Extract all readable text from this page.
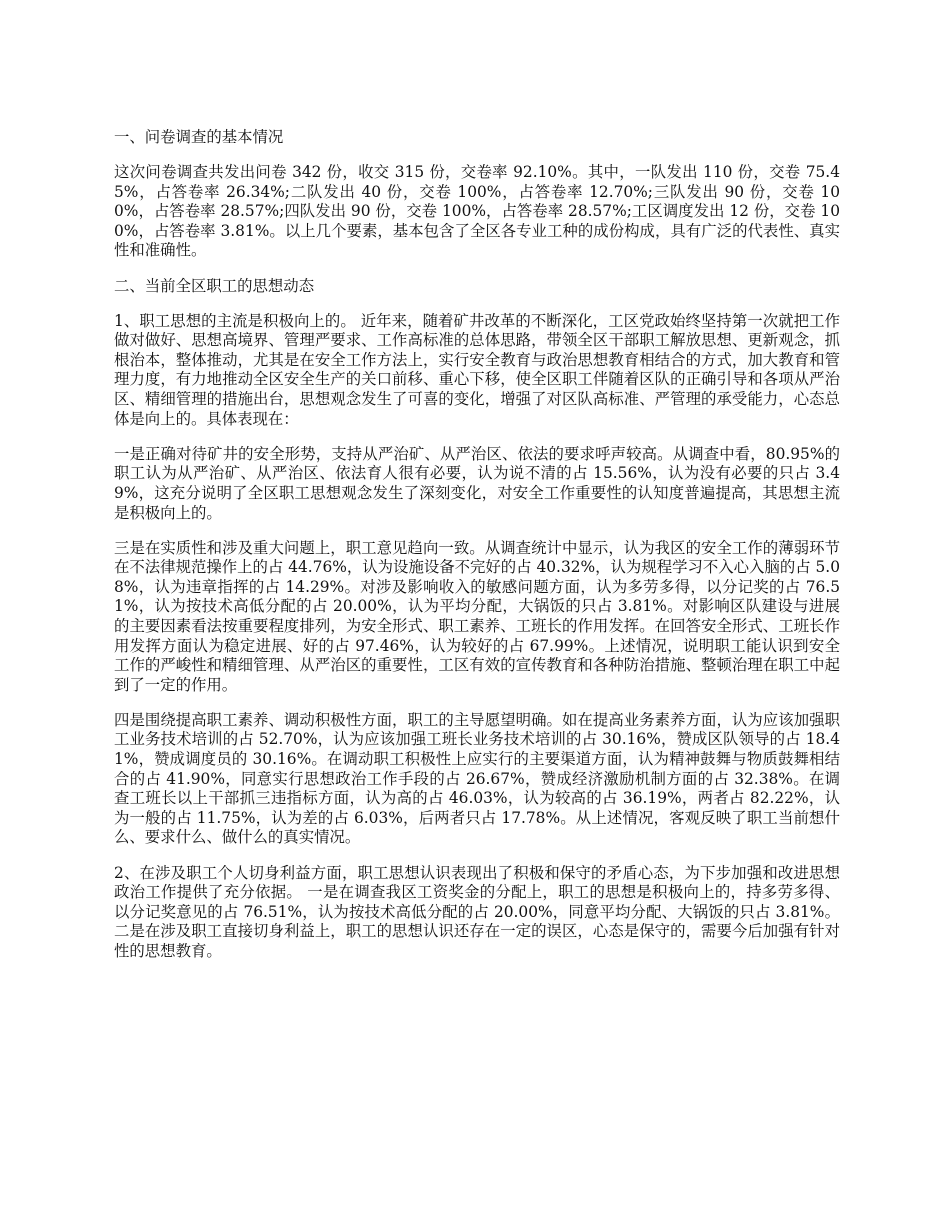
一、问卷调查的基本情况

这次问卷调查共发出问卷 342 份，收交 315 份，交卷率 92.10%。其中，一队发出 110 份，交卷 75.45%，占答卷率 26.34%;二队发出 40 份，交卷 100%，占答卷率 12.70%;三队发出 90 份，交卷 100%，占答卷率 28.57%;四队发出 90 份，交卷 100%，占答卷率 28.57%;工区调度发出 12 份，交卷 100%，占答卷率 3.81%。以上几个要素，基本包含了全区各专业工种的成份构成，具有广泛的代表性、真实性和准确性。

二、当前全区职工的思想动态

1、职工思想的主流是积极向上的。 近年来，随着矿井改革的不断深化，工区党政始终坚持第一次就把工作做对做好、思想高境界、管理严要求、工作高标准的总体思路，带领全区干部职工解放思想、更新观念，抓根治本，整体推动，尤其是在安全工作方法上，实行安全教育与政治思想教育相结合的方式，加大教育和管理力度，有力地推动全区安全生产的关口前移、重心下移，使全区职工伴随着区队的正确引导和各项从严治区、精细管理的措施出台，思想观念发生了可喜的变化，增强了对区队高标准、严管理的承受能力，心态总体是向上的。具体表现在：

一是正确对待矿井的安全形势，支持从严治矿、从严治区、依法的要求呼声较高。从调查中看，80.95%的职工认为从严治矿、从严治区、依法育人很有必要，认为说不清的占 15.56%，认为没有必要的只占 3.49%，这充分说明了全区职工思想观念发生了深刻变化，对安全工作重要性的认知度普遍提高，其思想主流是积极向上的。

三是在实质性和涉及重大问题上，职工意见趋向一致。从调查统计中显示，认为我区的安全工作的薄弱环节在不法律规范操作上的占 44.76%，认为设施设备不完好的占 40.32%，认为规程学习不入心入脑的占 5.08%，认为违章指挥的占 14.29%。对涉及影响收入的敏感问题方面，认为多劳多得，以分记奖的占 76.51%，认为按技术高低分配的占 20.00%，认为平均分配，大锅饭的只占 3.81%。对影响区队建设与进展的主要因素看法按重要程度排列，为安全形式、职工素养、工班长的作用发挥。在回答安全形式、工班长作用发挥方面认为稳定进展、好的占 97.46%，认为较好的占 67.99%。上述情况，说明职工能认识到安全工作的严峻性和精细管理、从严治区的重要性，工区有效的宣传教育和各种防治措施、整顿治理在职工中起到了一定的作用。

四是围绕提高职工素养、调动积极性方面，职工的主导愿望明确。如在提高业务素养方面，认为应该加强职工业务技术培训的占 52.70%，认为应该加强工班长业务技术培训的占 30.16%，赞成区队领导的占 18.41%，赞成调度员的 30.16%。在调动职工积极性上应实行的主要渠道方面，认为精神鼓舞与物质鼓舞相结合的占 41.90%，同意实行思想政治工作手段的占 26.67%，赞成经济激励机制方面的占 32.38%。在调查工班长以上干部抓三违指标方面，认为高的占 46.03%，认为较高的占 36.19%，两者占 82.22%，认为一般的占 11.75%，认为差的占 6.03%，后两者只占 17.78%。从上述情况，客观反映了职工当前想什么、要求什么、做什么的真实情况。

2、在涉及职工个人切身利益方面，职工思想认识表现出了积极和保守的矛盾心态，为下步加强和改进思想政治工作提供了充分依据。 一是在调查我区工资奖金的分配上，职工的思想是积极向上的，持多劳多得、以分记奖意见的占 76.51%，认为按技术高低分配的占 20.00%，同意平均分配、大锅饭的只占 3.81%。 二是在涉及职工直接切身利益上，职工的思想认识还存在一定的误区，心态是保守的，需要今后加强有针对性的思想教育。
